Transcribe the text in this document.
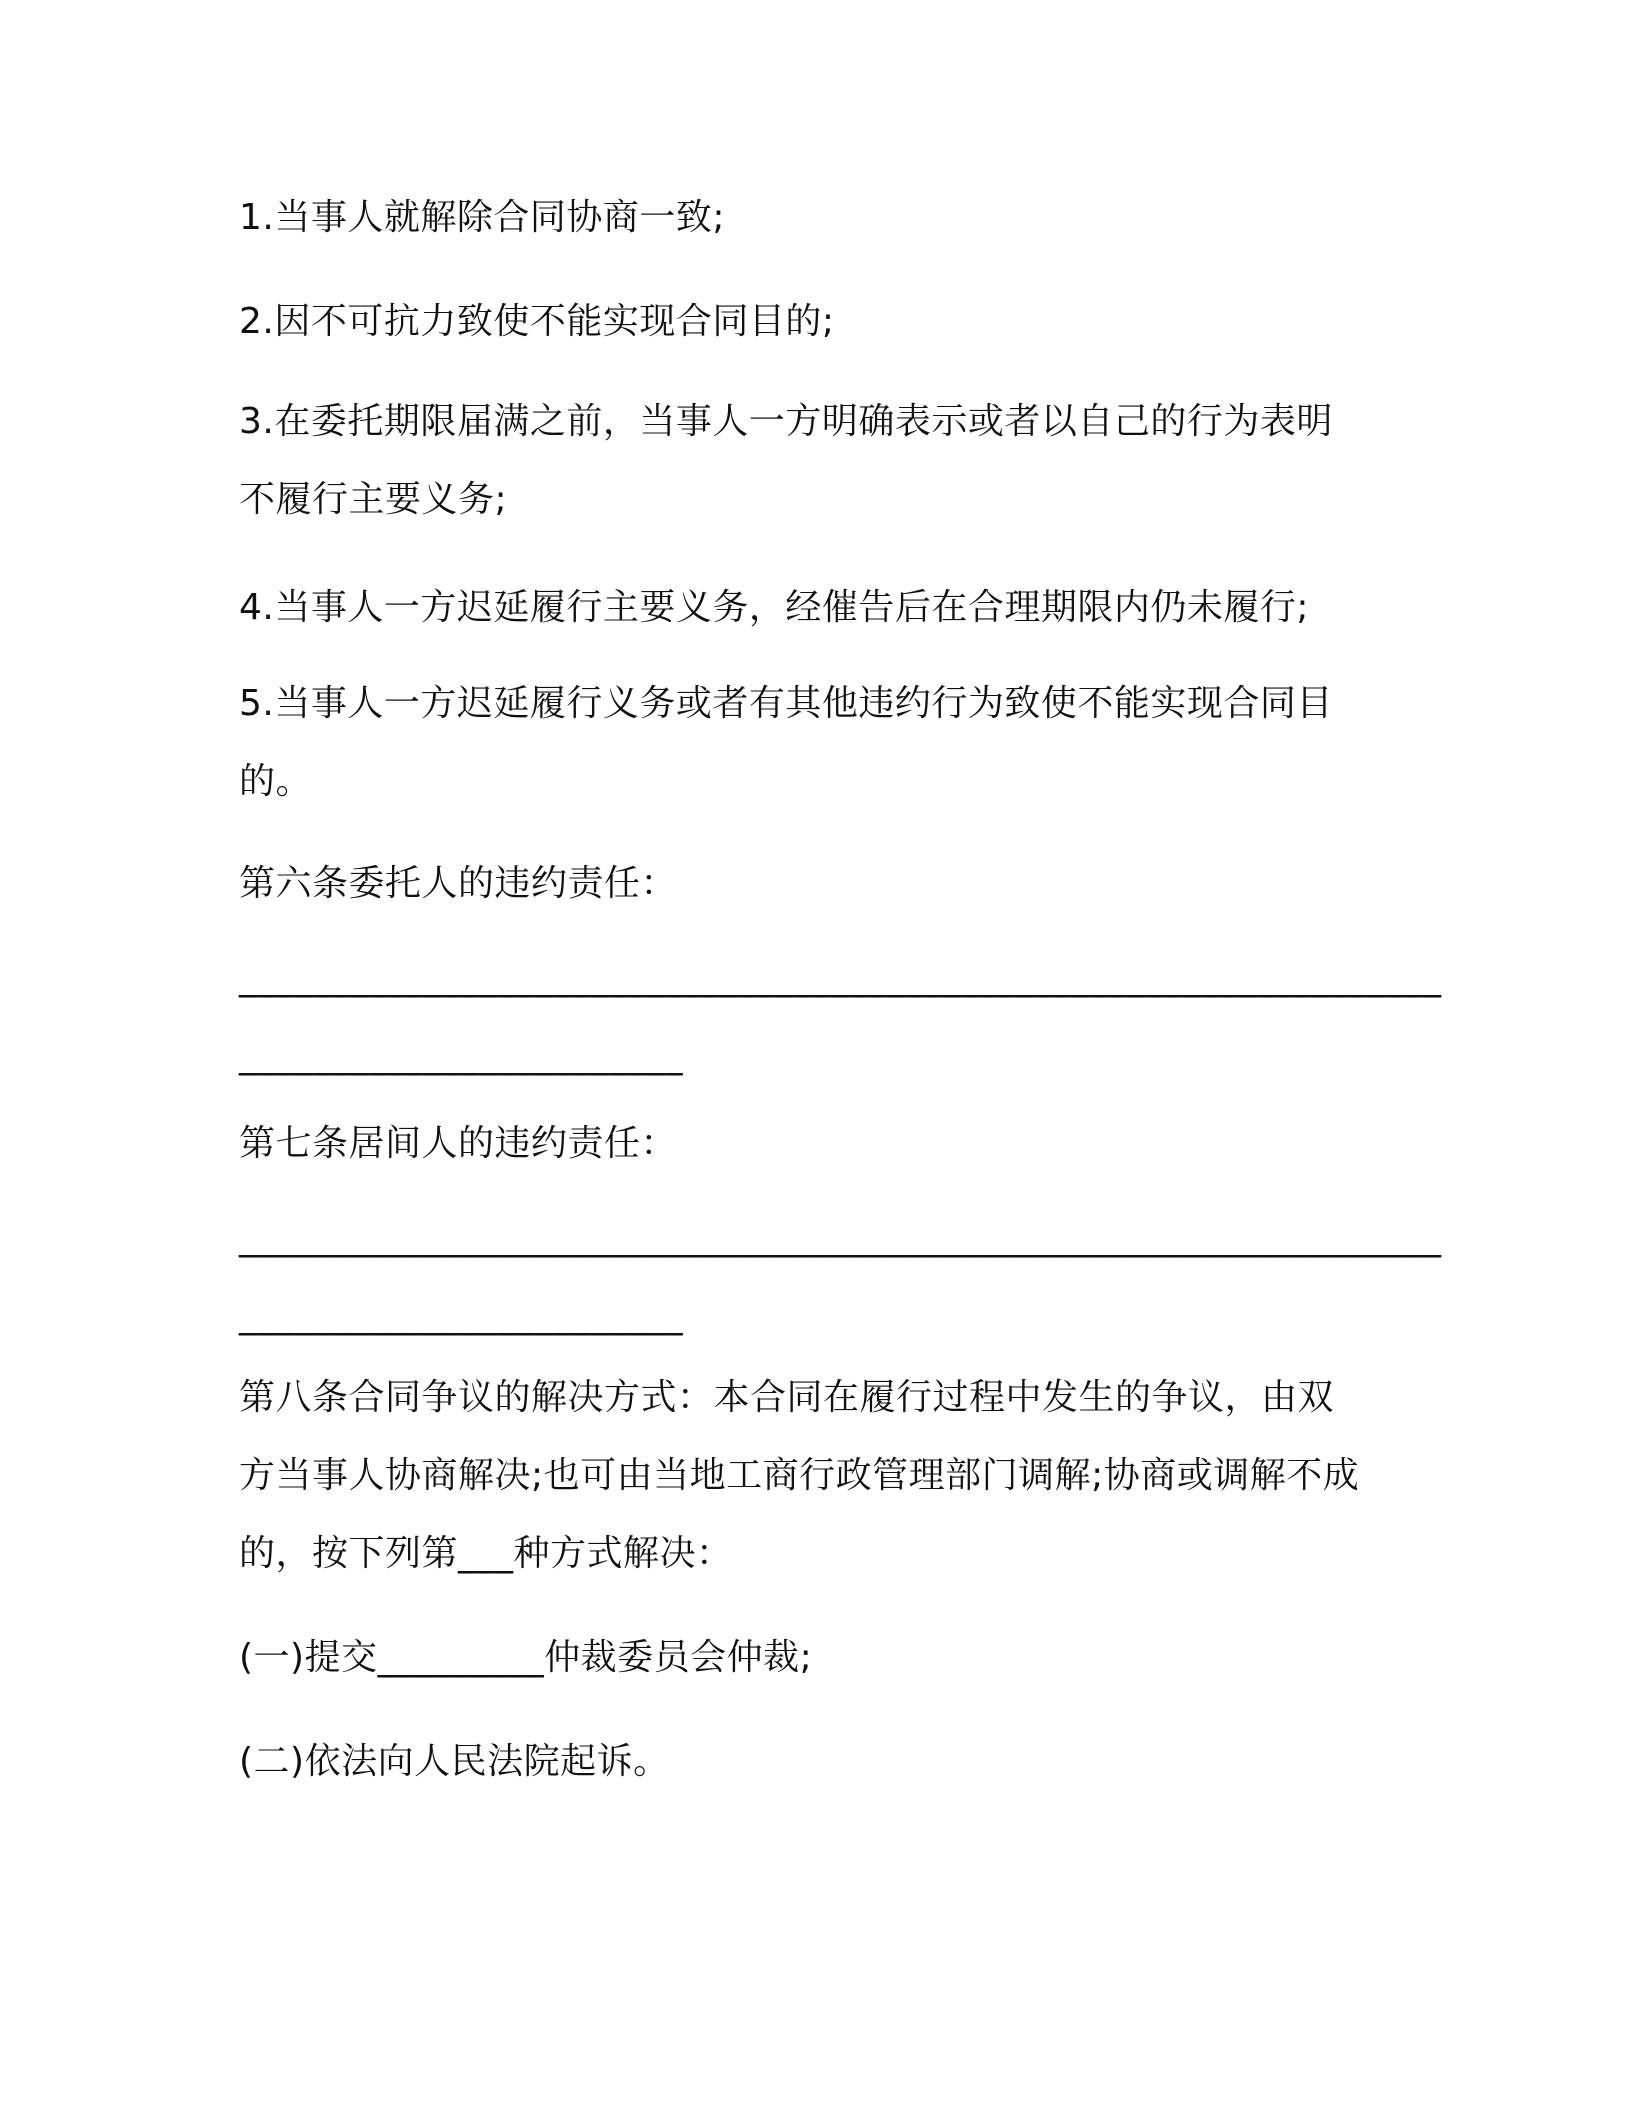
1.当事人就解除合同协商一致;
2.因不可抗力致使不能实现合同目的;
3.在委托期限届满之前，当事人一方明确表示或者以自己的行为表明
不履行主要义务;
4.当事人一方迟延履行主要义务，经催告后在合理期限内仍未履行;
5.当事人一方迟延履行义务或者有其他违约行为致使不能实现合同目
的。
第六条委托人的违约责任：
_________________________________________________________________
________________________
第七条居间人的违约责任：
_________________________________________________________________
________________________
第八条合同争议的解决方式：本合同在履行过程中发生的争议，由双
方当事人协商解决;也可由当地工商行政管理部门调解;协商或调解不成
的，按下列第___种方式解决：
(一)提交_________仲裁委员会仲裁;
(二)依法向人民法院起诉。
